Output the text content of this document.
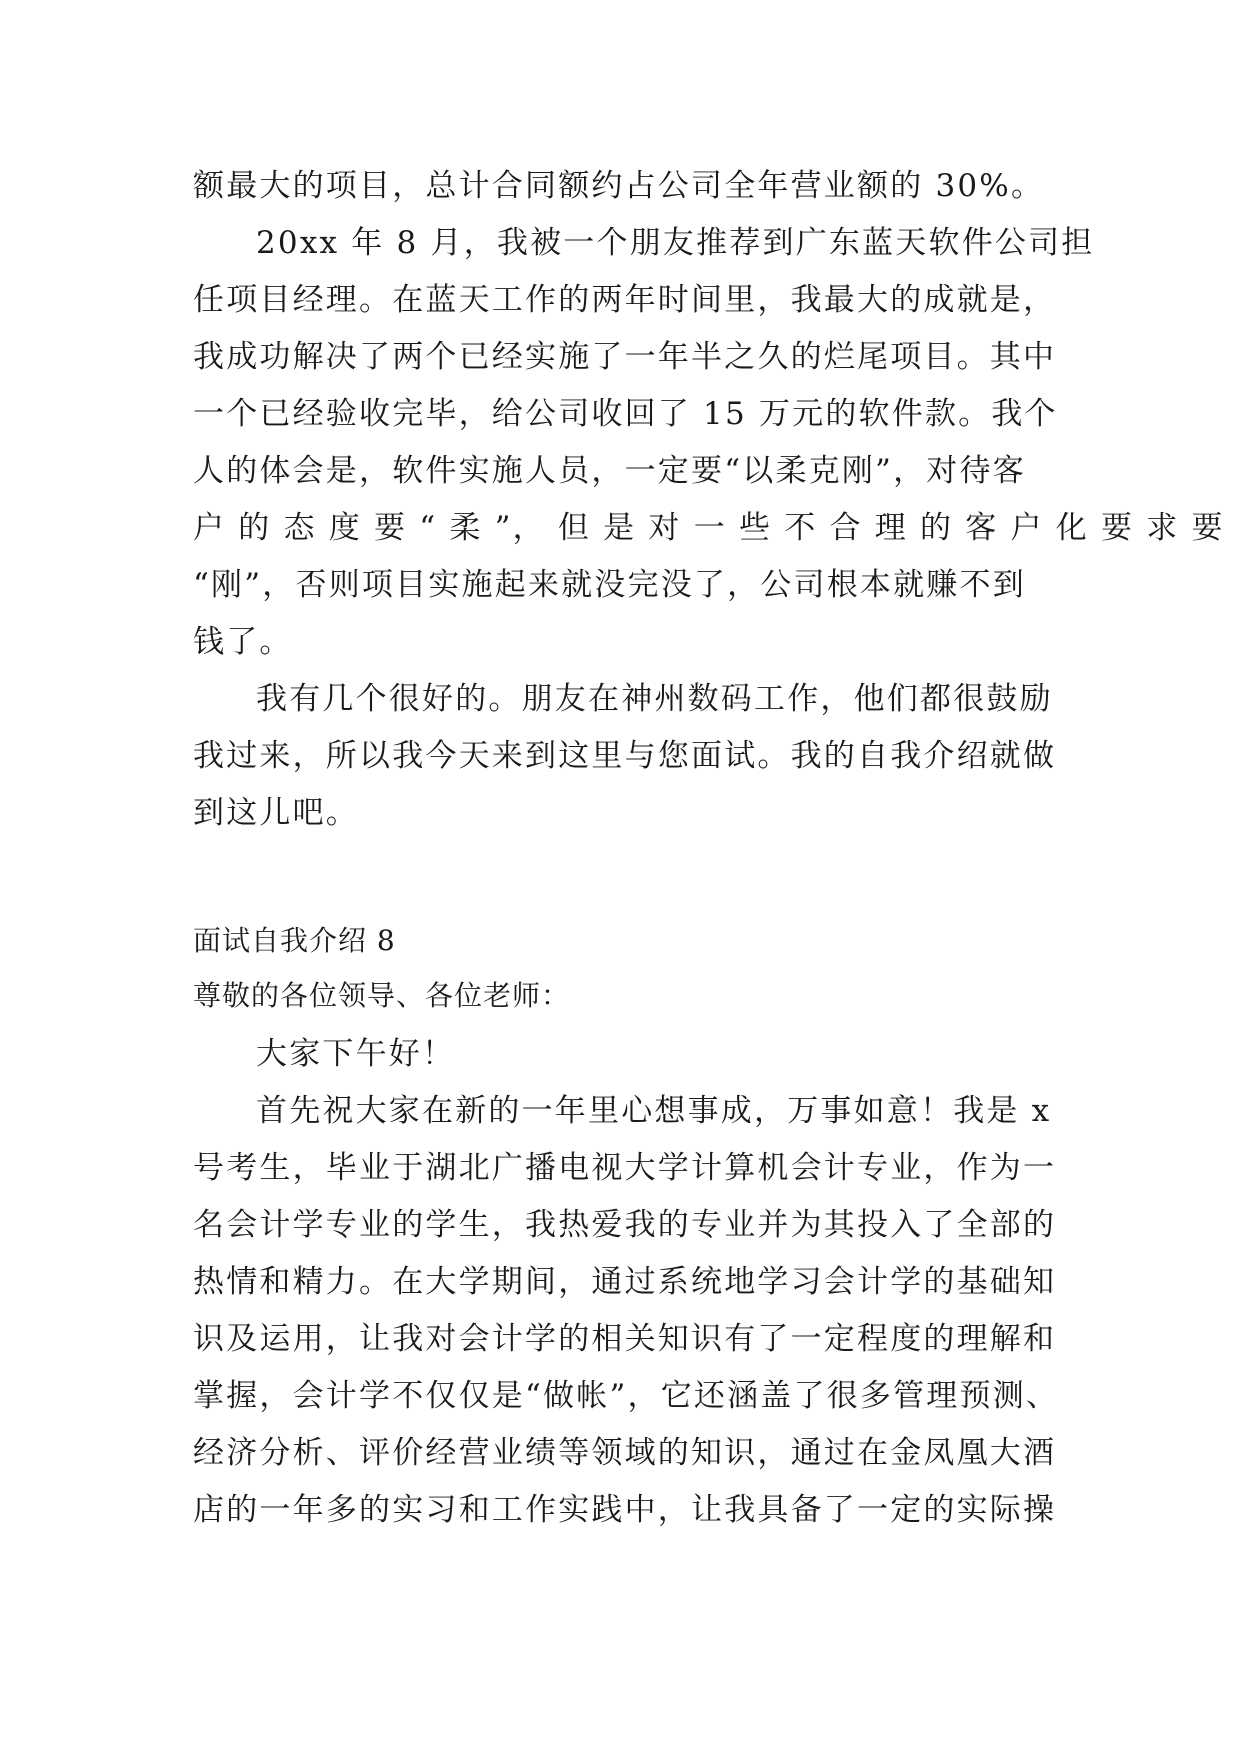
额最大的项目，总计合同额约占公司全年营业额的 30%。
20xx 年 8 月，我被一个朋友推荐到广东蓝天软件公司担
任项目经理。在蓝天工作的两年时间里，我最大的成就是，
我成功解决了两个已经实施了一年半之久的烂尾项目。其中
一个已经验收完毕，给公司收回了 15 万元的软件款。我个
人的体会是，软件实施人员，一定要“以柔克刚”，对待客
户 的 态 度 要 “ 柔 ”， 但 是 对 一 些 不 合 理 的 客 户 化 要 求 要
“刚”，否则项目实施起来就没完没了，公司根本就赚不到
钱了。
我有几个很好的。朋友在神州数码工作，他们都很鼓励
我过来，所以我今天来到这里与您面试。我的自我介绍就做
到这儿吧。
面试自我介绍 8
尊敬的各位领导、各位老师：
大家下午好！
首先祝大家在新的一年里心想事成，万事如意！我是 x
号考生，毕业于湖北广播电视大学计算机会计专业，作为一
名会计学专业的学生，我热爱我的专业并为其投入了全部的
热情和精力。在大学期间，通过系统地学习会计学的基础知
识及运用，让我对会计学的相关知识有了一定程度的理解和
掌握，会计学不仅仅是“做帐”，它还涵盖了很多管理预测、
经济分析、评价经营业绩等领域的知识，通过在金凤凰大酒
店的一年多的实习和工作实践中，让我具备了一定的实际操
